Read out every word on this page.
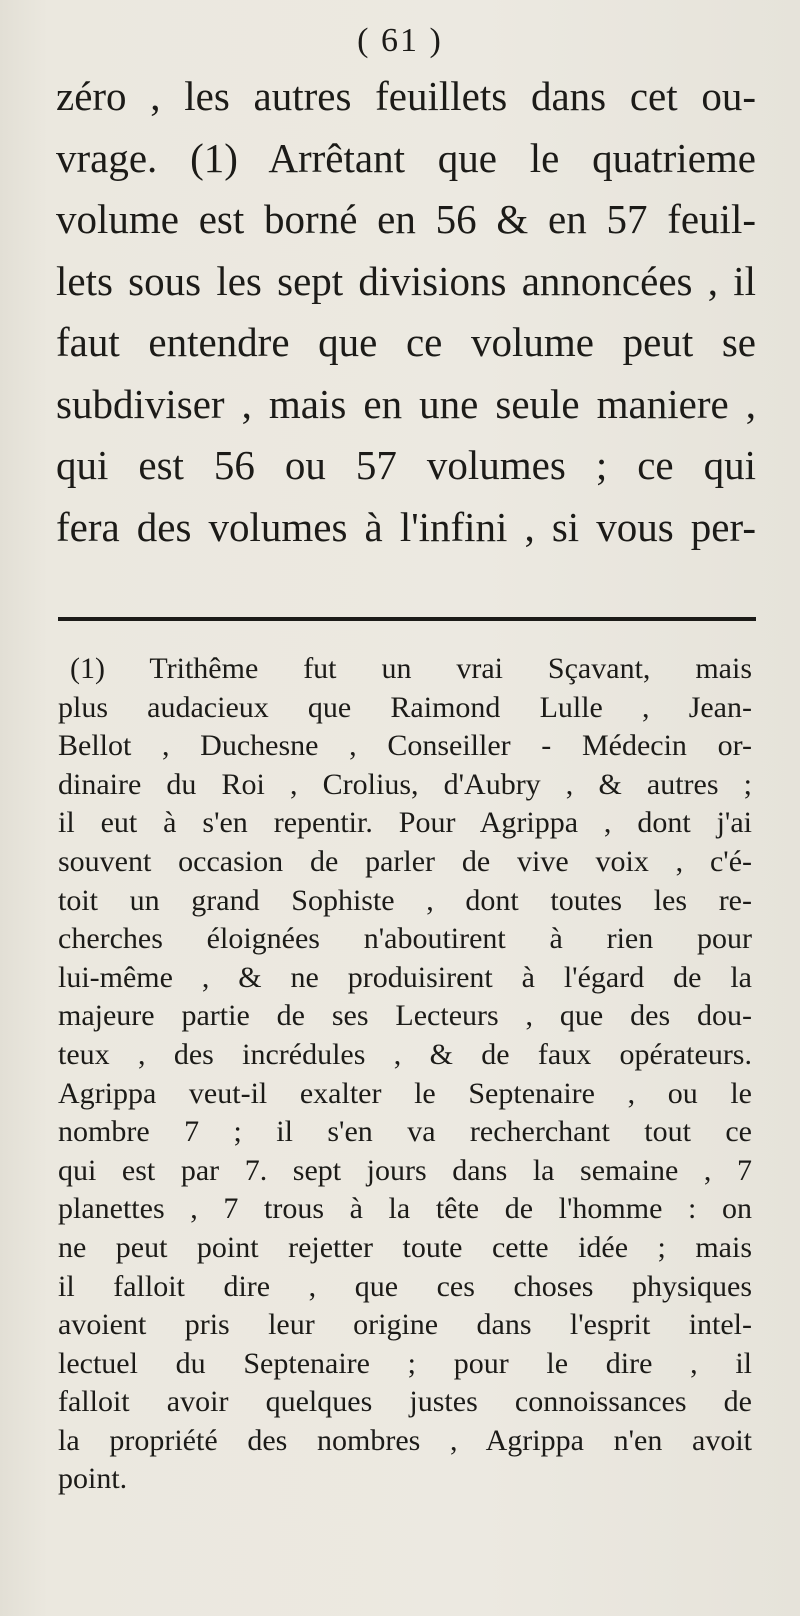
( 61 )
zéro , les autres feuillets dans cet ou-
vrage. (1) Arrêtant que le quatrieme
volume est borné en 56 & en 57 feuil-
lets sous les sept divisions annoncées , il
faut entendre que ce volume peut se
subdiviser , mais en une seule maniere ,
qui est 56 ou 57 volumes ; ce qui
fera des volumes à l'infini , si vous per-
(1) Trithême fut un vrai Sçavant, mais
plus audacieux que Raimond Lulle , Jean-
Bellot , Duchesne , Conseiller - Médecin or-
dinaire du Roi , Crolius, d'Aubry , & autres ;
il eut à s'en repentir. Pour Agrippa , dont j'ai
souvent occasion de parler de vive voix , c'é-
toit un grand Sophiste , dont toutes les re-
cherches éloignées n'aboutirent à rien pour
lui-même , & ne produisirent à l'égard de la
majeure partie de ses Lecteurs , que des dou-
teux , des incrédules , & de faux opérateurs.
Agrippa veut-il exalter le Septenaire , ou le
nombre 7 ; il s'en va recherchant tout ce
qui est par 7. sept jours dans la semaine , 7
planettes , 7 trous à la tête de l'homme : on
ne peut point rejetter toute cette idée ; mais
il falloit dire , que ces choses physiques
avoient pris leur origine dans l'esprit intel-
lectuel du Septenaire ; pour le dire , il
falloit avoir quelques justes connoissances de
la propriété des nombres , Agrippa n'en avoit
point.
